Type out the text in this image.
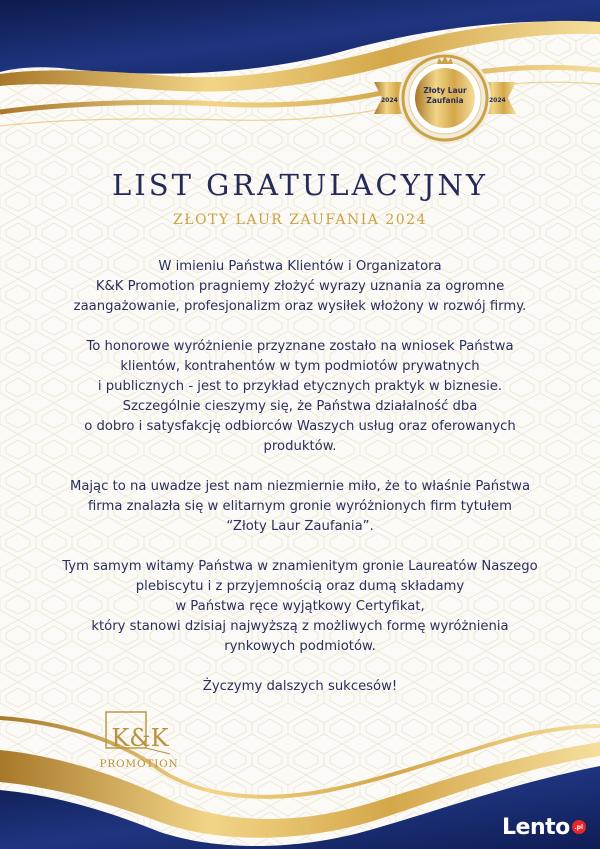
2024	2024
Złoty Laur
Zaufania
LIST GRATULACYJNY

ZŁOTY LAUR ZAUFANIA 2024

W imieniu Państwa Klientów i Organizatora
K&K Promotion pragniemy złożyć wyrazy uznania za ogromne
zaangażowanie, profesjonalizm oraz wysiłek włożony w rozwój firmy.

To honorowe wyróżnienie przyznane zostało na wniosek Państwa
klientów, kontrahentów w tym podmiotów prywatnych
i publicznych - jest to przykład etycznych praktyk w biznesie.
Szczególnie cieszymy się, że Państwa działalność dba
o dobro i satysfakcję odbiorców Waszych usług oraz oferowanych
produktów.

Mając to na uwadze jest nam niezmiernie miło, że to właśnie Państwa
firma znalazła się w elitarnym gronie wyróżnionych firm tytułem
“Złoty Laur Zaufania”.

Tym samym witamy Państwa w znamienitym gronie Laureatów Naszego
plebiscytu i z przyjemnością oraz dumą składamy
w Państwa ręce wyjątkowy Certyfikat,
który stanowi dzisiaj najwyższą z możliwych formę wyróżnienia
rynkowych podmiotów.

Życzymy dalszych sukcesów!

K&K
PROMOTION
Lento .pl
